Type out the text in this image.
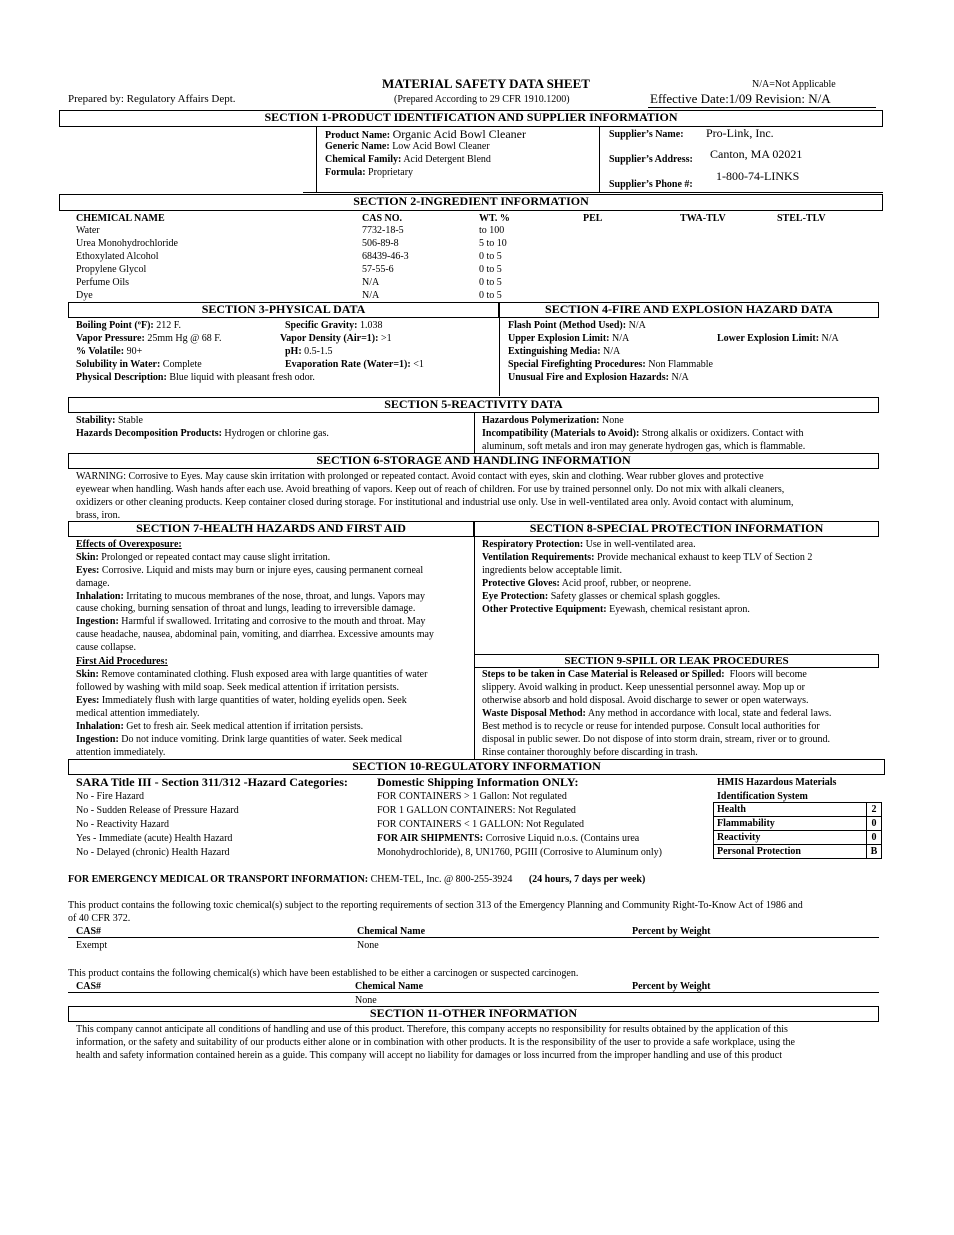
MATERIAL SAFETY DATA SHEET
(Prepared According to 29 CFR 1910.1200)
Prepared by: Regulatory Affairs Dept.
N/A=Not Applicable
Effective Date:1/09 Revision: N/A
SECTION 1-PRODUCT IDENTIFICATION AND SUPPLIER INFORMATION
Product Name: Organic Acid Bowl Cleaner
Generic Name: Low Acid Bowl Cleaner
Chemical Family: Acid Detergent Blend
Formula: Proprietary
Supplier’s Name: Pro-Link, Inc.
Supplier’s Address: Canton, MA 02021
Supplier’s Phone #:
1-800-74-LINKS
SECTION 2-INGREDIENT INFORMATION
CHEMICAL NAME	CAS NO.	WT. %	PEL	TWA-TLV	STEL-TLV
Water	7732-18-5	to 100
Urea Monohydrochloride	506-89-8	5 to 10
Ethoxylated Alcohol	68439-46-3	0 to 5
Propylene Glycol	57-55-6	0 to 5
Perfume Oils	N/A	0 to 5
Dye	N/A	0 to 5
SECTION 3-PHYSICAL DATA	SECTION 4-FIRE AND EXPLOSION HAZARD DATA
Boiling Point (ºF): 212 F.	Specific Gravity: 1.038
Vapor Pressure: 25mm Hg @ 68 F.	Vapor Density (Air=1): >1
% Volatile: 90+	pH: 0.5-1.5
Solubility in Water: Complete	Evaporation Rate (Water=1): <1
Physical Description: Blue liquid with pleasant fresh odor.
Flash Point (Method Used): N/A
Upper Explosion Limit: N/A	Lower Explosion Limit: N/A
Extinguishing Media: N/A
Special Firefighting Procedures: Non Flammable
Unusual Fire and Explosion Hazards: N/A
SECTION 5-REACTIVITY DATA
Stability: Stable
Hazards Decomposition Products: Hydrogen or chlorine gas.
Hazardous Polymerization: None
Incompatibility (Materials to Avoid): Strong alkalis or oxidizers. Contact with
aluminum, soft metals and iron may generate hydrogen gas, which is flammable.
SECTION 6-STORAGE AND HANDLING INFORMATION
WARNING: Corrosive to Eyes. May cause skin irritation with prolonged or repeated contact. Avoid contact with eyes, skin and clothing. Wear rubber gloves and protective
eyewear when handling. Wash hands after each use. Avoid breathing of vapors. Keep out of reach of children. For use by trained personnel only. Do not mix with alkali cleaners,
oxidizers or other cleaning products. Keep container closed during storage. For institutional and industrial use only. Use in well-ventilated area only. Avoid contact with aluminum,
brass, iron.
SECTION 7-HEALTH HAZARDS AND FIRST AID	SECTION 8-SPECIAL PROTECTION INFORMATION
Effects of Overexposure:
Skin: Prolonged or repeated contact may cause slight irritation.
Eyes: Corrosive. Liquid and mists may burn or injure eyes, causing permanent corneal
damage.
Inhalation: Irritating to mucous membranes of the nose, throat, and lungs. Vapors may
cause choking, burning sensation of throat and lungs, leading to irreversible damage.
Ingestion: Harmful if swallowed. Irritating and corrosive to the mouth and throat. May
cause headache, nausea, abdominal pain, vomiting, and diarrhea. Excessive amounts may
cause collapse.
Respiratory Protection: Use in well-ventilated area.
Ventilation Requirements: Provide mechanical exhaust to keep TLV of Section 2
ingredients below acceptable limit.
Protective Gloves: Acid proof, rubber, or neoprene.
Eye Protection: Safety glasses or chemical splash goggles.
Other Protective Equipment: Eyewash, chemical resistant apron.
First Aid Procedures:
Skin: Remove contaminated clothing. Flush exposed area with large quantities of water
followed by washing with mild soap. Seek medical attention if irritation persists.
Eyes: Immediately flush with large quantities of water, holding eyelids open. Seek
medical attention immediately.
Inhalation: Get to fresh air. Seek medical attention if irritation persists.
Ingestion: Do not induce vomiting. Drink large quantities of water. Seek medical
attention immediately.
SECTION 9-SPILL OR LEAK PROCEDURES
Steps to be taken in Case Material is Released or Spilled: Floors will become
slippery. Avoid walking in product. Keep unessential personnel away. Mop up or
otherwise absorb and hold disposal. Avoid discharge to sewer or open waterways.
Waste Disposal Method: Any method in accordance with local, state and federal laws.
Best method is to recycle or reuse for intended purpose. Consult local authorities for
disposal in public sewer. Do not dispose of into storm drain, stream, river or to ground.
Rinse container thoroughly before discarding in trash.
SECTION 10-REGULATORY INFORMATION
SARA Title III - Section 311/312 -Hazard Categories:
No - Fire Hazard
No - Sudden Release of Pressure Hazard
No - Reactivity Hazard
Yes - Immediate (acute) Health Hazard
No - Delayed (chronic) Health Hazard
Domestic Shipping Information ONLY:
FOR CONTAINERS > 1 Gallon: Not regulated
FOR 1 GALLON CONTAINERS: Not Regulated
FOR CONTAINERS < 1 GALLON: Not Regulated
FOR AIR SHIPMENTS: Corrosive Liquid n.o.s. (Contains urea
Monohydrochloride), 8, UN1760, PGIII (Corrosive to Aluminum only)
HMIS Hazardous Materials
Identification System
Health	2
Flammability	0
Reactivity	0
Personal Protection	B
FOR EMERGENCY MEDICAL OR TRANSPORT INFORMATION: CHEM-TEL, Inc. @ 800-255-3924 (24 hours, 7 days per week)
This product contains the following toxic chemical(s) subject to the reporting requirements of section 313 of the Emergency Planning and Community Right-To-Know Act of 1986 and
of 40 CFR 372.
CAS#	Chemical Name	Percent by Weight
Exempt	None
This product contains the following chemical(s) which have been established to be either a carcinogen or suspected carcinogen.
CAS#	Chemical Name	Percent by Weight
None
SECTION 11-OTHER INFORMATION
This company cannot anticipate all conditions of handling and use of this product. Therefore, this company accepts no responsibility for results obtained by the application of this
information, or the safety and suitability of our products either alone or in combination with other products. It is the responsibility of the user to provide a safe workplace, using the
health and safety information contained herein as a guide. This company will accept no liability for damages or loss incurred from the improper handling and use of this product
